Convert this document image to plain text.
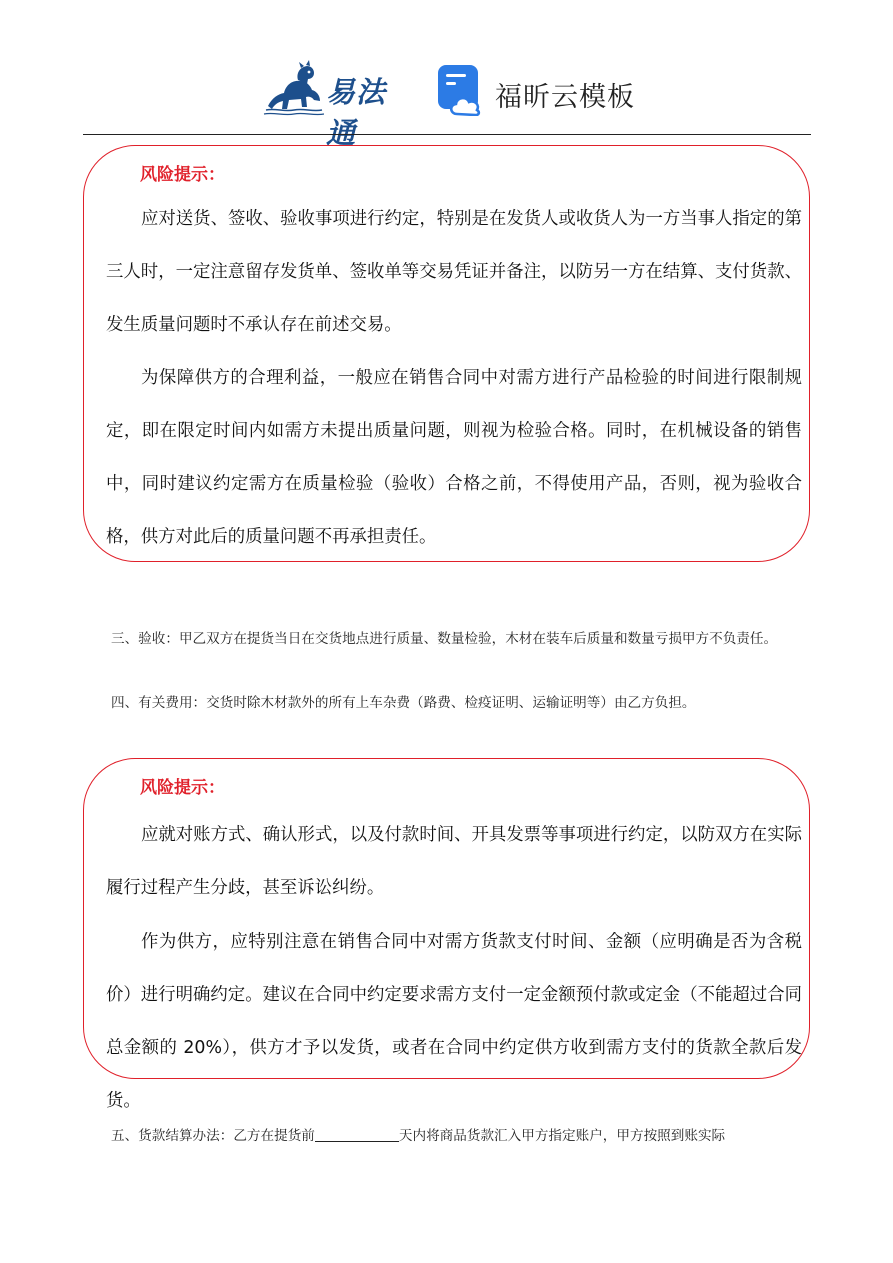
易法通
福昕云模板
风险提示：
应对送货、签收、验收事项进行约定，特别是在发货人或收货人为一方当事人指定的第三人时，一定注意留存发货单、签收单等交易凭证并备注，以防另一方在结算、支付货款、发生质量问题时不承认存在前述交易。
为保障供方的合理利益，一般应在销售合同中对需方进行产品检验的时间进行限制规定，即在限定时间内如需方未提出质量问题，则视为检验合格。同时，在机械设备的销售中，同时建议约定需方在质量检验（验收）合格之前，不得使用产品，否则，视为验收合格，供方对此后的质量问题不再承担责任。
三、验收：甲乙双方在提货当日在交货地点进行质量、数量检验，木材在装车后质量和数量亏损甲方不负责任。
四、有关费用：交货时除木材款外的所有上车杂费（路费、检疫证明、运输证明等）由乙方负担。
风险提示：
应就对账方式、确认形式，以及付款时间、开具发票等事项进行约定，以防双方在实际履行过程产生分歧，甚至诉讼纠纷。
作为供方，应特别注意在销售合同中对需方货款支付时间、金额（应明确是否为含税价）进行明确约定。建议在合同中约定要求需方支付一定金额预付款或定金（不能超过合同总金额的 20%），供方才予以发货，或者在合同中约定供方收到需方支付的货款全款后发货。
五、货款结算办法：乙方在提货前	天内将商品货款汇入甲方指定账户，甲方按照到账实际
